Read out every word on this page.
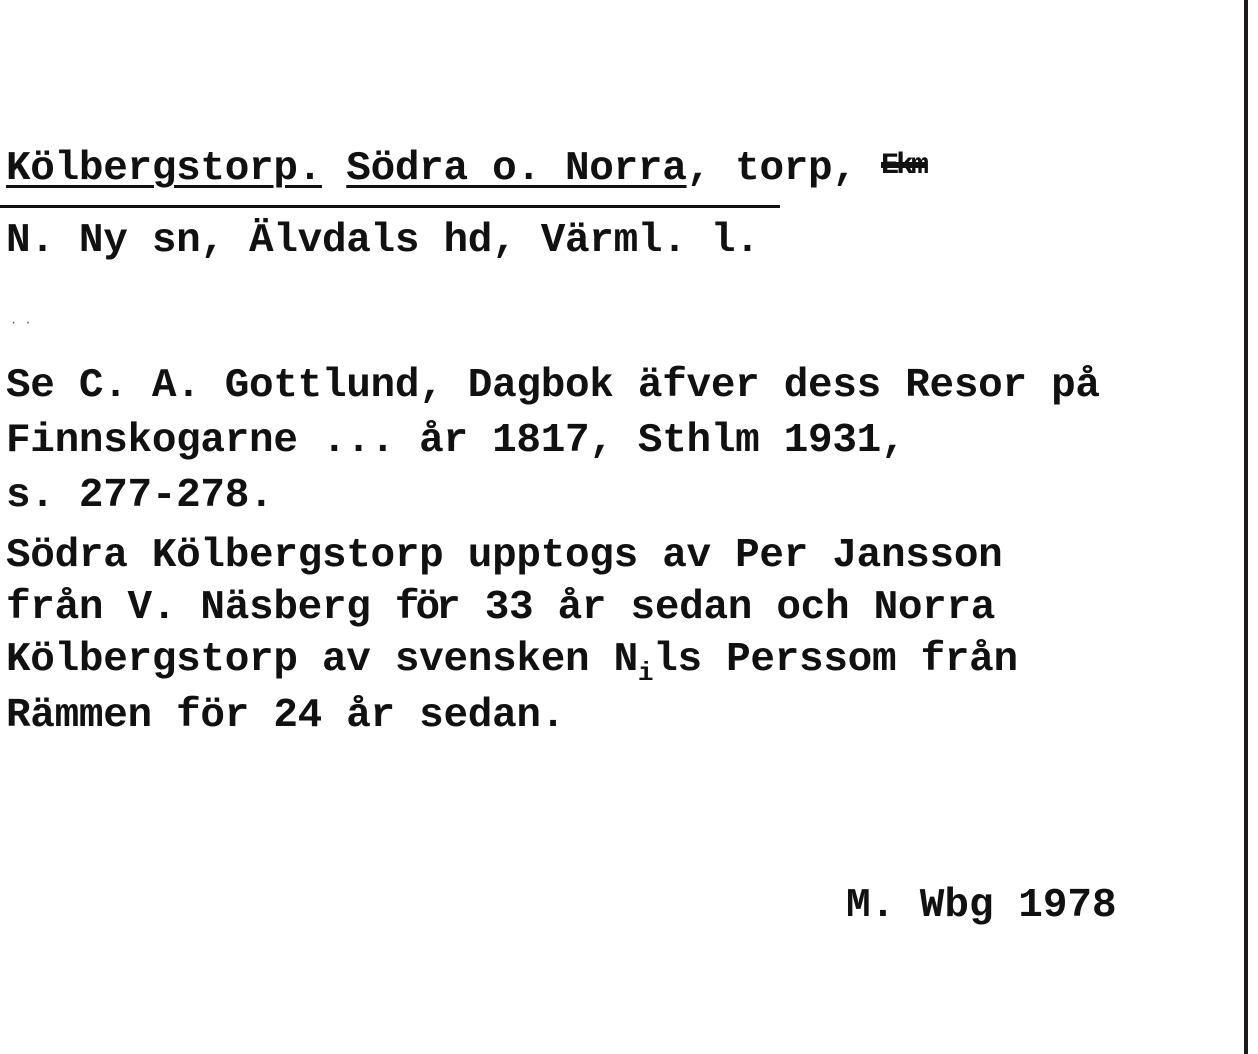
Kölbergstorp. Södra o. Norra, torp, Ekm
N. Ny sn, Älvdals hd, Värml. l.
· ·
Se C. A. Gottlund, Dagbok äfver dess Resor på
Finnskogarne ... år 1817, Sthlm 1931,
s. 277-278.
Södra Kölbergstorp upptogs av Per Jansson
från V. Näsberg för 33 år sedan och Norra
Kölbergstorp av svensken $N_ils$ Perssom från
Rämmen för 24 år sedan.
M. Wbg 1978
